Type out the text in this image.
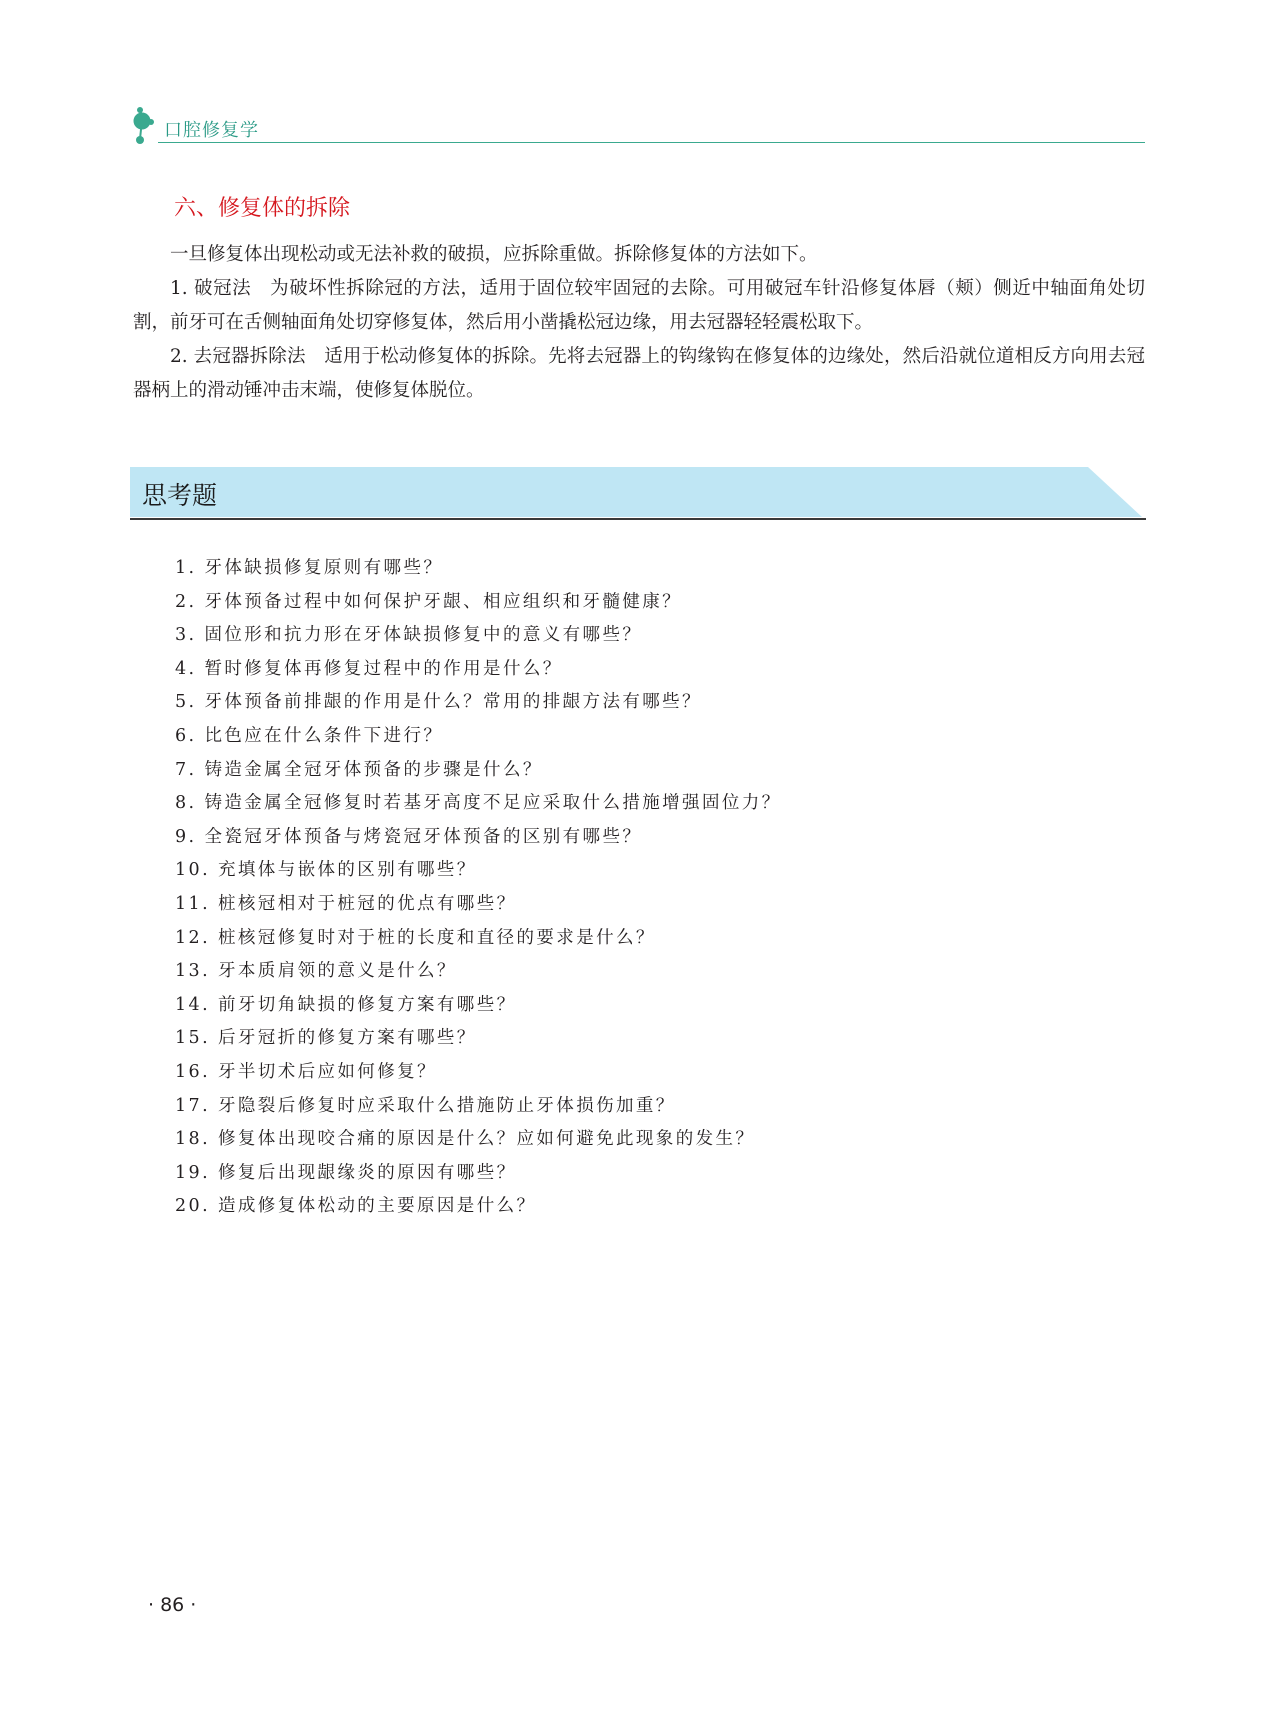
口腔修复学
六、修复体的拆除

一旦修复体出现松动或无法补救的破损，应拆除重做。拆除修复体的方法如下。

1. 破冠法　为破坏性拆除冠的方法，适用于固位较牢固冠的去除。可用破冠车针沿修复体唇（颊）侧近中轴面角处切割，前牙可在舌侧轴面角处切穿修复体，然后用小凿撬松冠边缘，用去冠器轻轻震松取下。

2. 去冠器拆除法　适用于松动修复体的拆除。先将去冠器上的钩缘钩在修复体的边缘处，然后沿就位道相反方向用去冠器柄上的滑动锤冲击末端，使修复体脱位。

思考题
1. 牙体缺损修复原则有哪些？
2. 牙体预备过程中如何保护牙龈、相应组织和牙髓健康？
3. 固位形和抗力形在牙体缺损修复中的意义有哪些？
4. 暂时修复体再修复过程中的作用是什么？
5. 牙体预备前排龈的作用是什么？常用的排龈方法有哪些？
6. 比色应在什么条件下进行？
7. 铸造金属全冠牙体预备的步骤是什么？
8. 铸造金属全冠修复时若基牙高度不足应采取什么措施增强固位力？
9. 全瓷冠牙体预备与烤瓷冠牙体预备的区别有哪些？
10. 充填体与嵌体的区别有哪些？
11. 桩核冠相对于桩冠的优点有哪些？
12. 桩核冠修复时对于桩的长度和直径的要求是什么？
13. 牙本质肩领的意义是什么？
14. 前牙切角缺损的修复方案有哪些？
15. 后牙冠折的修复方案有哪些？
16. 牙半切术后应如何修复？
17. 牙隐裂后修复时应采取什么措施防止牙体损伤加重？
18. 修复体出现咬合痛的原因是什么？应如何避免此现象的发生？
19. 修复后出现龈缘炎的原因有哪些？
20. 造成修复体松动的主要原因是什么？
· 86 ·
